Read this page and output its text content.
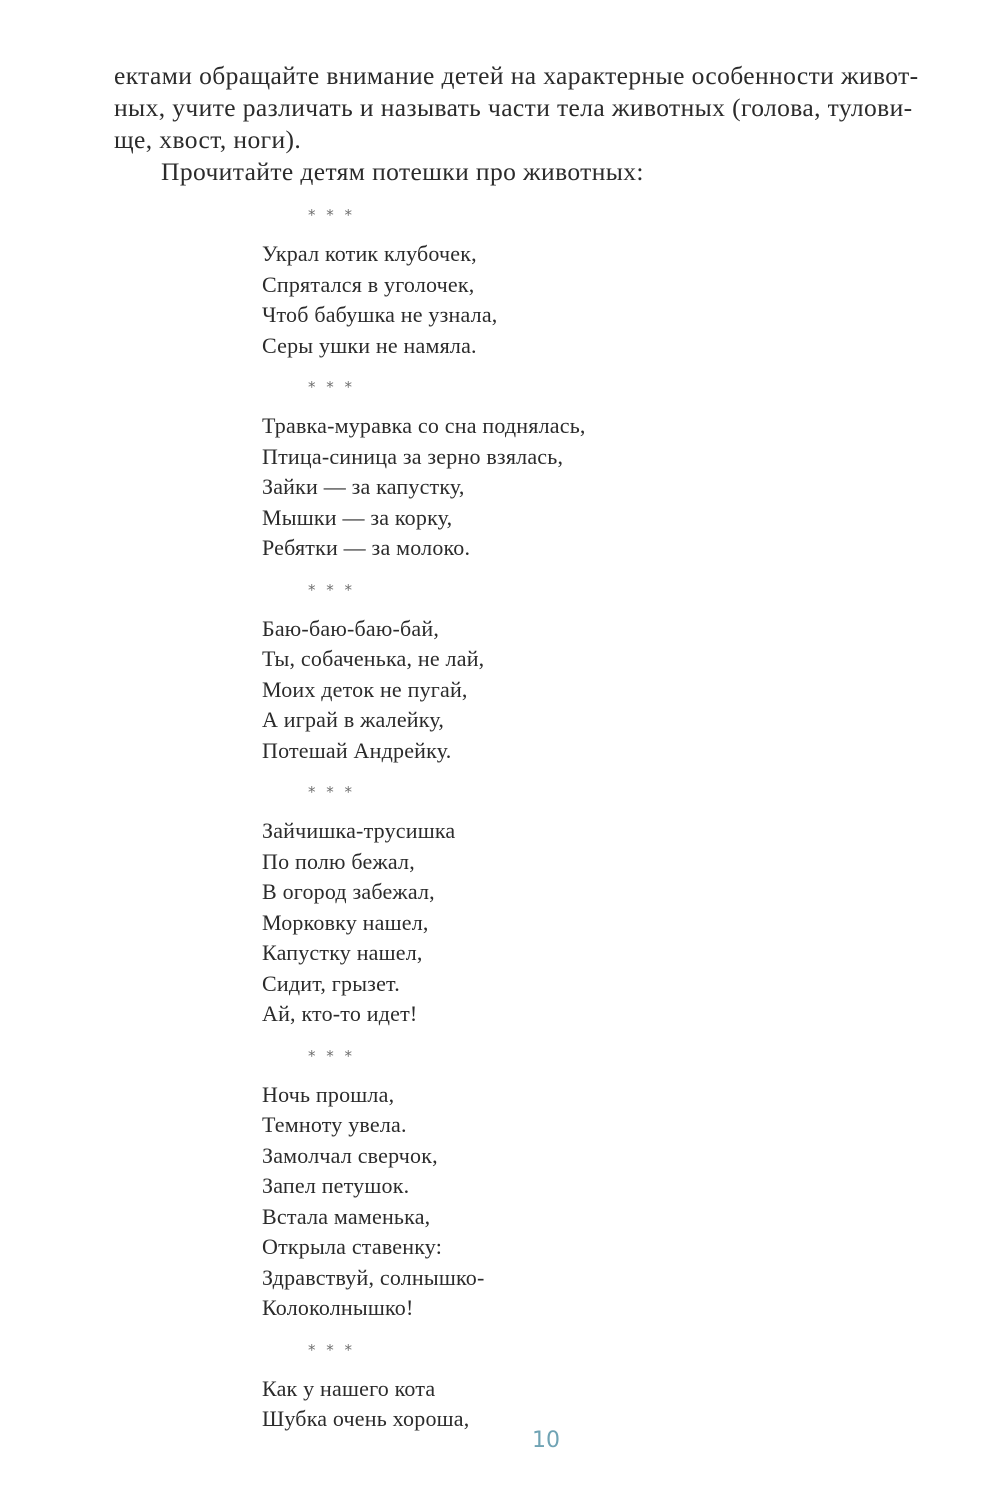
ектами обращайте внимание детей на характерные особенности живот-
ных, учите различать и называть части тела животных (голова, тулови-
ще, хвост, ноги).
Прочитайте детям потешки про животных:
* * *
Украл котик клубочек,
Спрятался в уголочек,
Чтоб бабушка не узнала,
Серы ушки не намяла.
* * *
Травка-муравка со сна поднялась,
Птица-синица за зерно взялась,
Зайки — за капустку,
Мышки — за корку,
Ребятки — за молоко.
* * *
Баю-баю-баю-бай,
Ты, собаченька, не лай,
Моих деток не пугай,
А играй в жалейку,
Потешай Андрейку.
* * *
Зайчишка-трусишка
По полю бежал,
В огород забежал,
Морковку нашел,
Капустку нашел,
Сидит, грызет.
Ай, кто-то идет!
* * *
Ночь прошла,
Темноту увела.
Замолчал сверчок,
Запел петушок.
Встала маменька,
Открыла ставенку:
Здравствуй, солнышко-
Колоколнышко!
* * *
Как у нашего кота
Шубка очень хороша,
10
